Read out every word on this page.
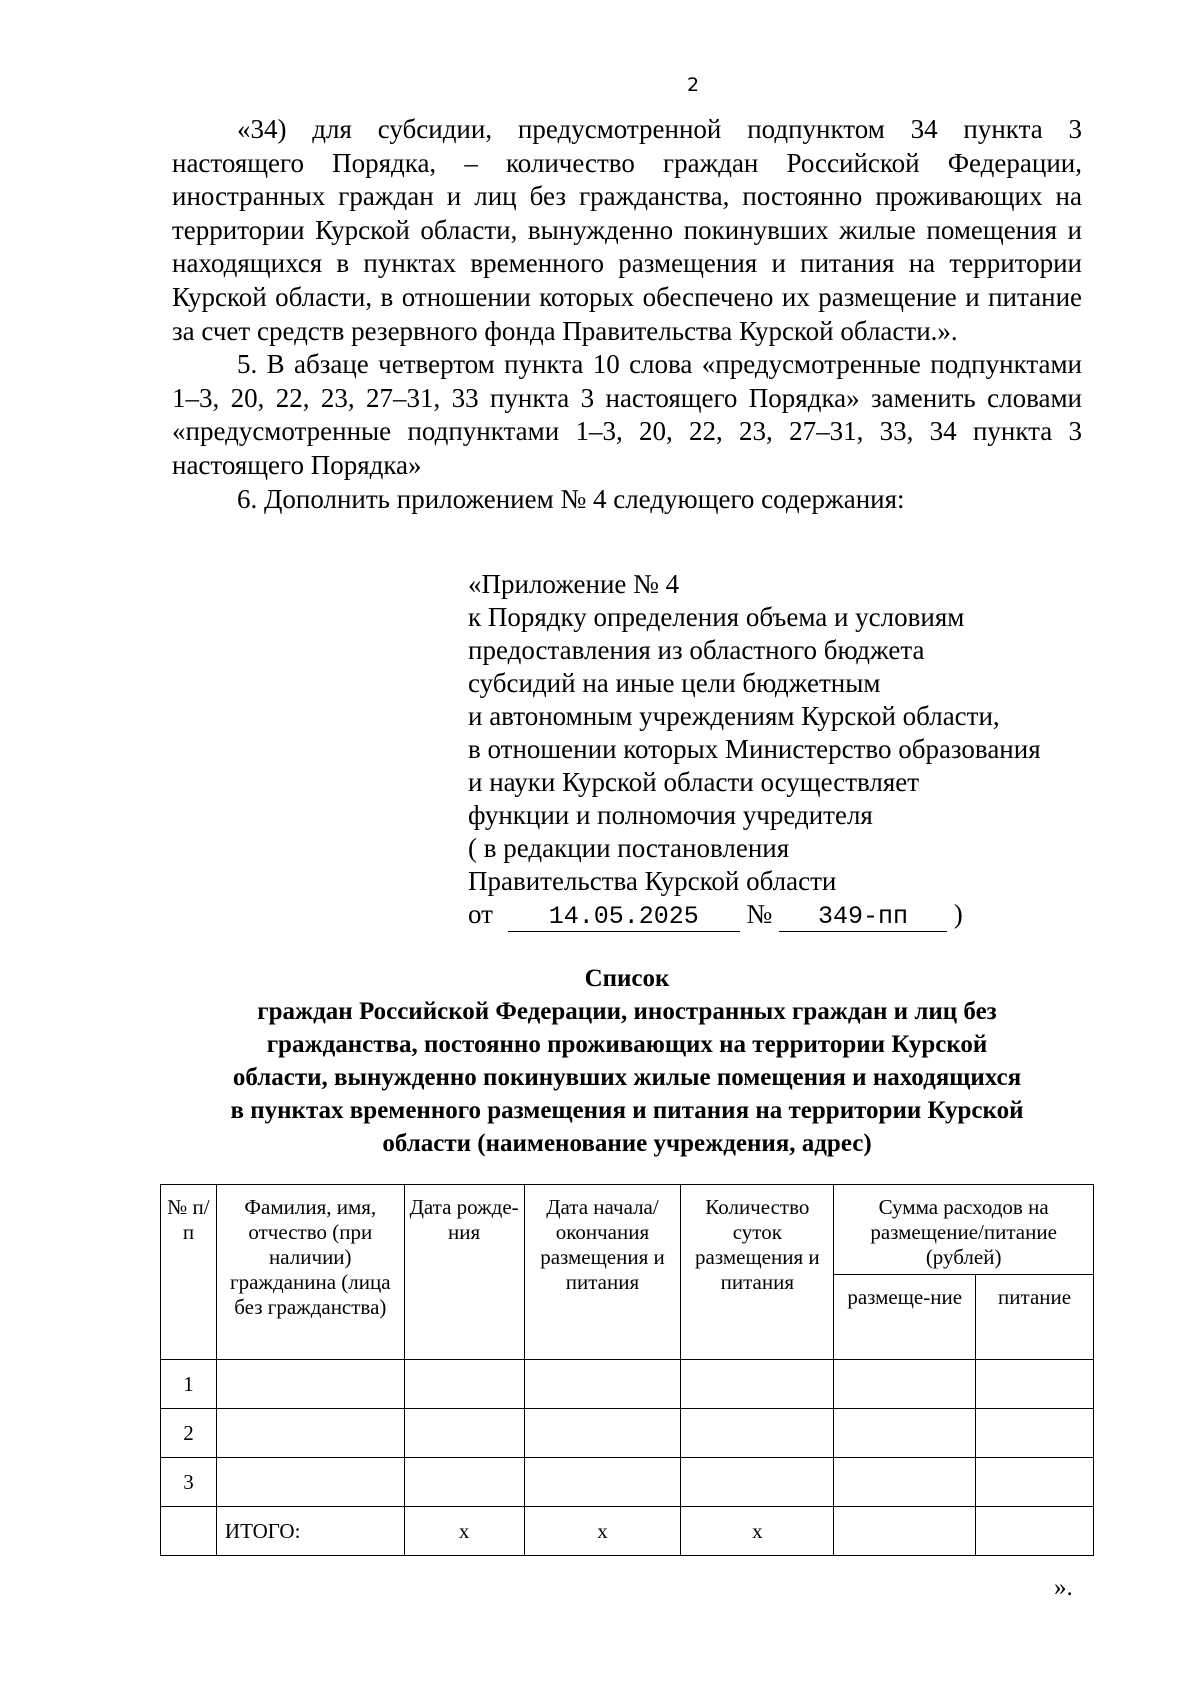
2

«34) для субсидии, предусмотренной подпунктом 34 пункта 3 настоящего Порядка, – количество граждан Российской Федерации, иностранных граждан и лиц без гражданства, постоянно проживающих на территории Курской области, вынужденно покинувших жилые помещения и находящихся в пунктах временного размещения и питания на территории Курской области, в отношении которых обеспечено их размещение и питание за счет средств резервного фонда Правительства Курской области.».

5. В абзаце четвертом пункта 10 слова «предусмотренные подпунктами 1–3, 20, 22, 23, 27–31, 33 пункта 3 настоящего Порядка» заменить словами «предусмотренные подпунктами 1–3, 20, 22, 23, 27–31, 33, 34 пункта 3 настоящего Порядка»

6. Дополнить приложением № 4 следующего содержания:

«Приложение № 4
к Порядку определения объема и условиям
предоставления из областного бюджета
субсидий на иные цели бюджетным
и автономным учреждениям Курской области,
в отношении которых Министерство образования
и науки Курской области осуществляет
функции и полномочия учредителя
( в редакции постановления
Правительства Курской области
от 14.05.2025 № 349-пп )
Список
граждан Российской Федерации, иностранных граждан и лиц без
гражданства, постоянно проживающих на территории Курской
области, вынужденно покинувших жилые помещения и находящихся
в пунктах временного размещения и питания на территории Курской
области (наименование учреждения, адрес)
№ п/п	Фамилия, имя, отчество (при наличии) гражданина (лица без гражданства)	Дата рожде-ния	Дата начала/ окончания размещения и питания	Количество суток размещения и питания	Сумма расходов на размещение/питание (рублей)	
					размеще-ние	питание
1						
2						
3						
	ИТОГО:	х	х	х		
».
